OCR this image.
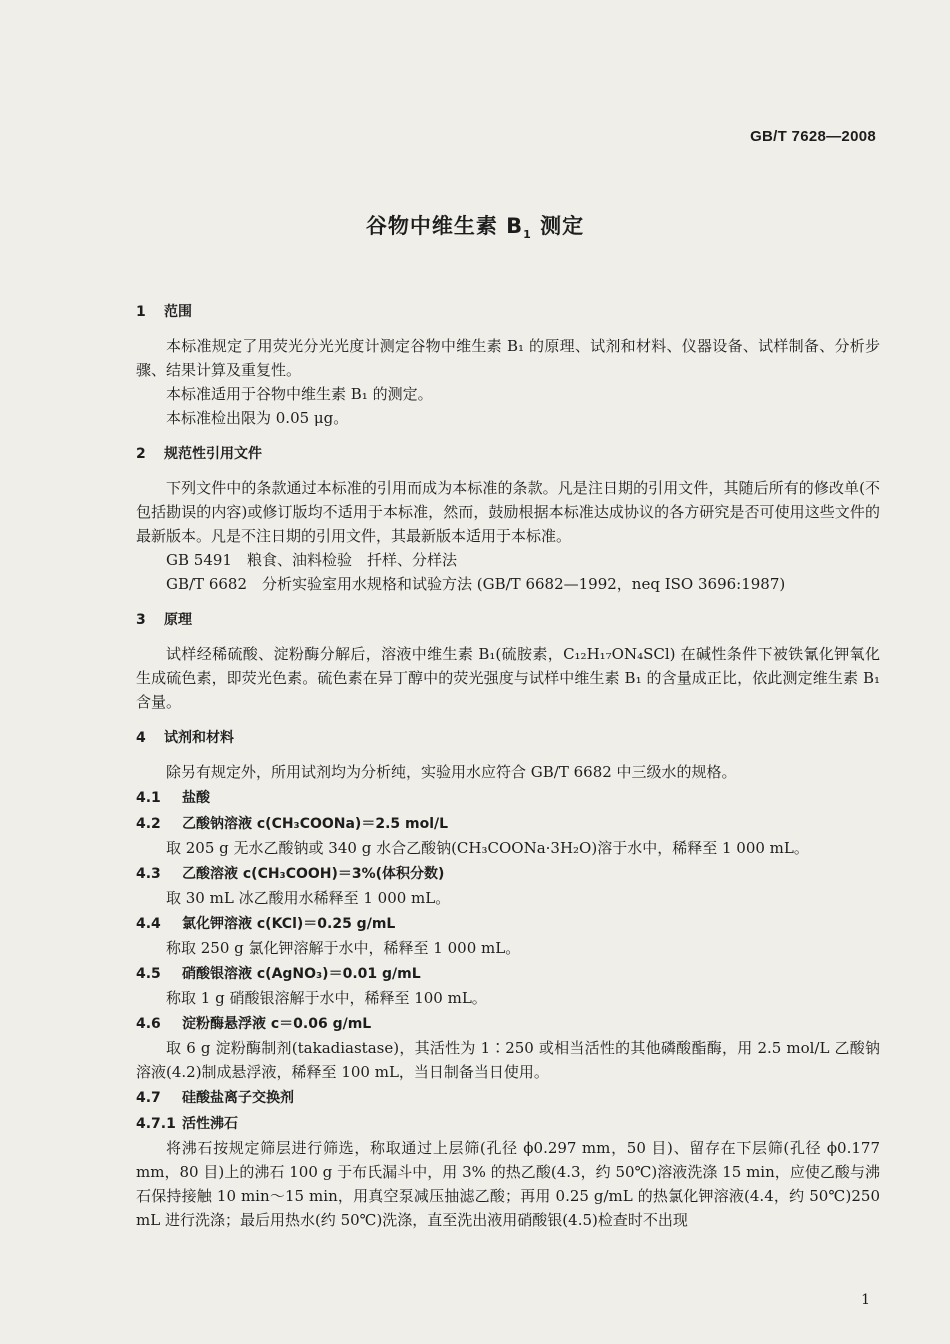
GB/T 7628—2008
谷物中维生素 $B_1$ 测定
1 范围

本标准规定了用荧光分光光度计测定谷物中维生素 B₁ 的原理、试剂和材料、仪器设备、试样制备、分析步骤、结果计算及重复性。

本标准适用于谷物中维生素 B₁ 的测定。

本标准检出限为 0.05 μg。

2 规范性引用文件

下列文件中的条款通过本标准的引用而成为本标准的条款。凡是注日期的引用文件，其随后所有的修改单(不包括勘误的内容)或修订版均不适用于本标准，然而，鼓励根据本标准达成协议的各方研究是否可使用这些文件的最新版本。凡是不注日期的引用文件，其最新版本适用于本标准。

GB 5491　粮食、油料检验　扦样、分样法

GB/T 6682　分析实验室用水规格和试验方法 (GB/T 6682—1992，neq ISO 3696:1987)

3 原理

试样经稀硫酸、淀粉酶分解后，溶液中维生素 B₁(硫胺素，C₁₂H₁₇ON₄SCl) 在碱性条件下被铁氰化钾氧化生成硫色素，即荧光色素。硫色素在异丁醇中的荧光强度与试样中维生素 B₁ 的含量成正比，依此测定维生素 B₁ 含量。

4 试剂和材料

除另有规定外，所用试剂均为分析纯，实验用水应符合 GB/T 6682 中三级水的规格。

4.1 盐酸
4.2 乙酸钠溶液 c(CH₃COONa)＝2.5 mol/L

取 205 g 无水乙酸钠或 340 g 水合乙酸钠(CH₃COONa·3H₂O)溶于水中，稀释至 1 000 mL。

4.3 乙酸溶液 c(CH₃COOH)＝3%(体积分数)

取 30 mL 冰乙酸用水稀释至 1 000 mL。

4.4 氯化钾溶液 c(KCl)＝0.25 g/mL

称取 250 g 氯化钾溶解于水中，稀释至 1 000 mL。

4.5 硝酸银溶液 c(AgNO₃)＝0.01 g/mL

称取 1 g 硝酸银溶解于水中，稀释至 100 mL。

4.6 淀粉酶悬浮液 c＝0.06 g/mL

取 6 g 淀粉酶制剂(takadiastase)，其活性为 1∶250 或相当活性的其他磷酸酯酶，用 2.5 mol/L 乙酸钠溶液(4.2)制成悬浮液，稀释至 100 mL，当日制备当日使用。

4.7 硅酸盐离子交换剂
4.7.1 活性沸石

将沸石按规定筛层进行筛选，称取通过上层筛(孔径 ϕ0.297 mm，50 目)、留存在下层筛(孔径 ϕ0.177 mm，80 目)上的沸石 100 g 于布氏漏斗中，用 3% 的热乙酸(4.3，约 50℃)溶液洗涤 15 min，应使乙酸与沸石保持接触 10 min～15 min，用真空泵减压抽滤乙酸；再用 0.25 g/mL 的热氯化钾溶液(4.4，约 50℃)250 mL 进行洗涤；最后用热水(约 50℃)洗涤，直至洗出液用硝酸银(4.5)检查时不出现

1
